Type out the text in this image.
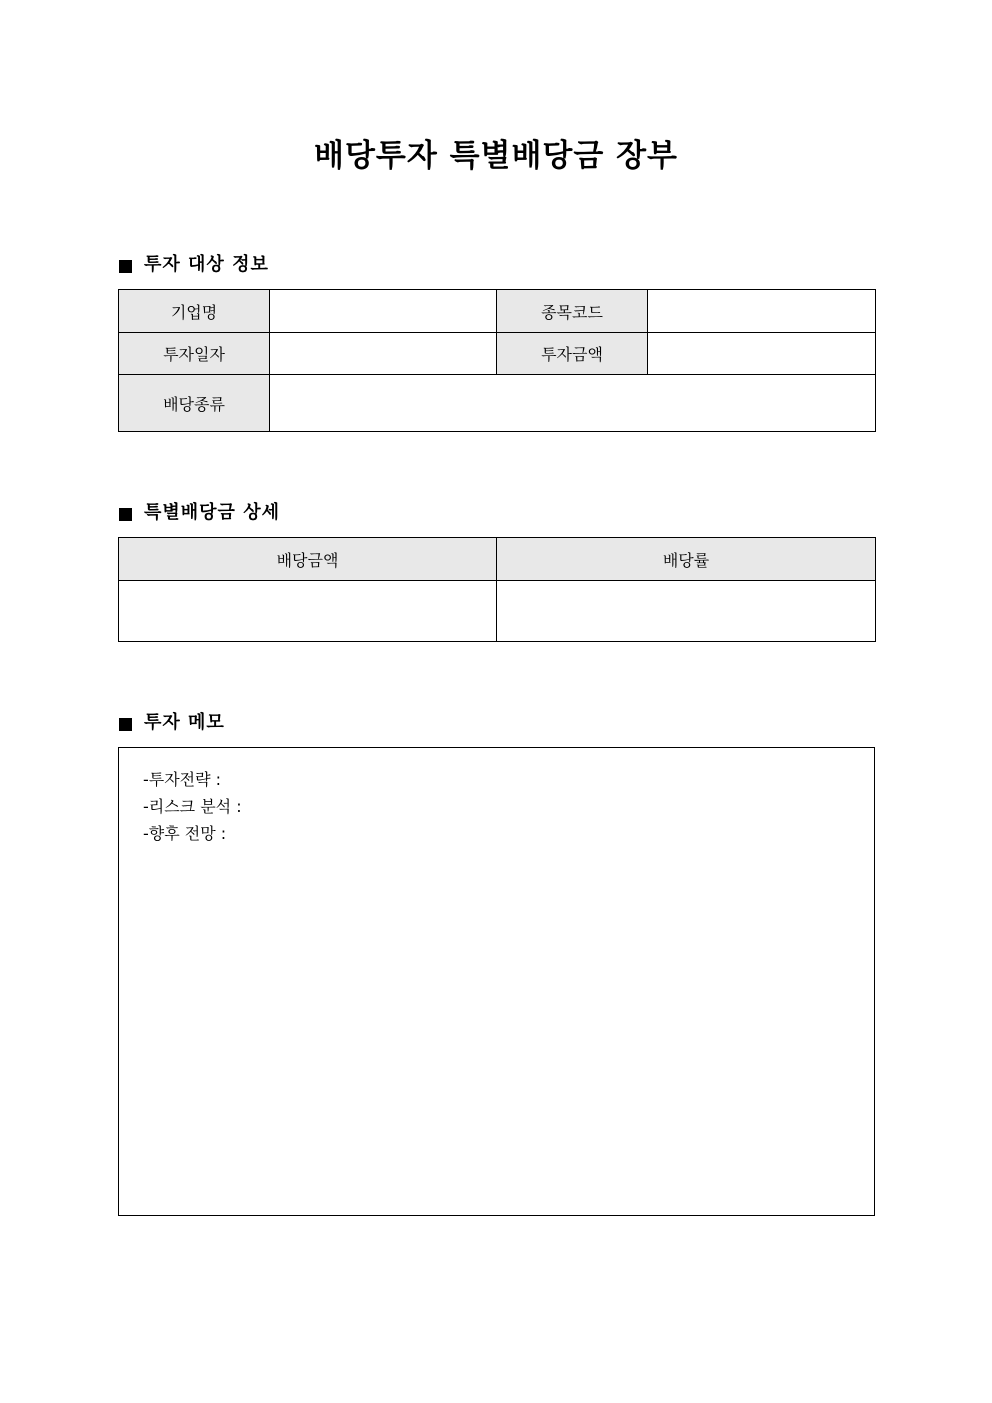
배당투자 특별배당금 장부
투자 대상 정보
기업명		종목코드	
투자일자		투자금액	
배당종류			
특별배당금 상세
배당금액	배당률

투자 메모
-투자전략 :
-리스크 분석 :
-향후 전망 :
